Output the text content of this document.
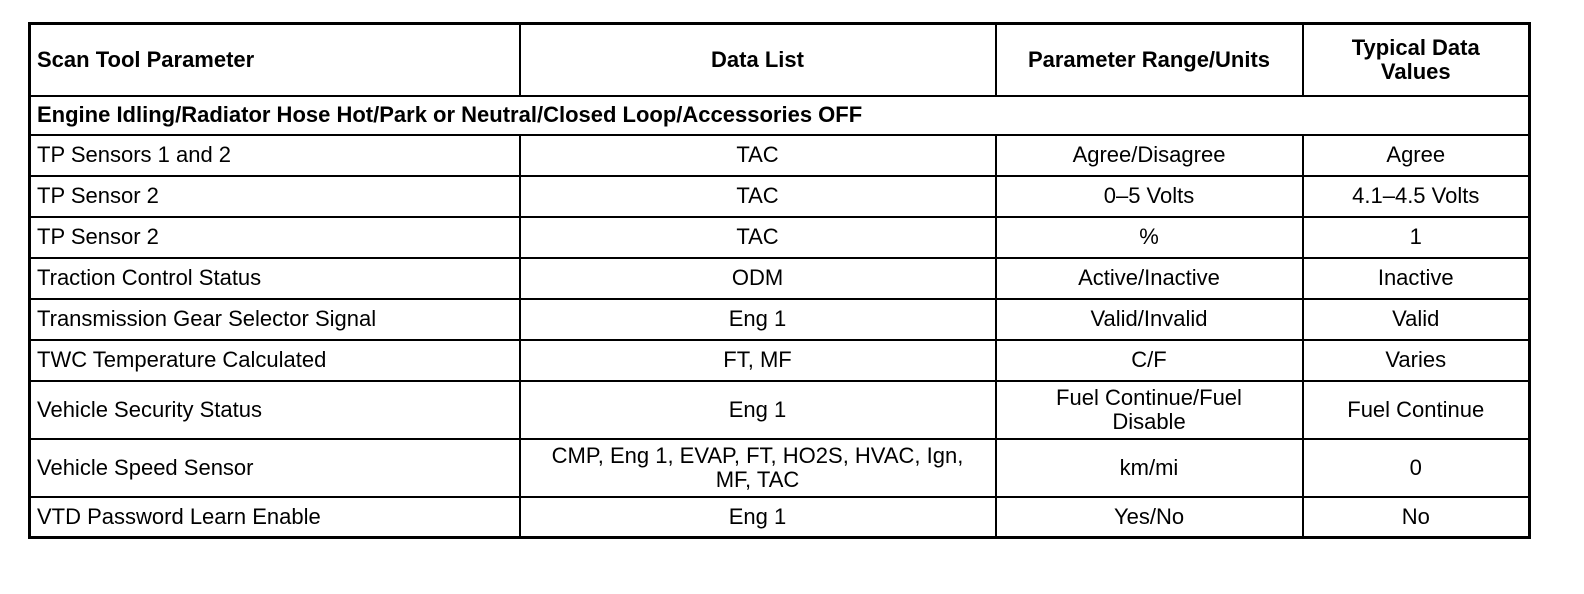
Scan Tool Parameter	Data List	Parameter Range/Units	Typical Data Values
Engine Idling/Radiator Hose Hot/Park or Neutral/Closed Loop/Accessories OFF			
TP Sensors 1 and 2	TAC	Agree/Disagree	Agree
TP Sensor 2	TAC	0–5 Volts	4.1–4.5 Volts
TP Sensor 2	TAC	%	1
Traction Control Status	ODM	Active/Inactive	Inactive
Transmission Gear Selector Signal	Eng 1	Valid/Invalid	Valid
TWC Temperature Calculated	FT, MF	C/F	Varies
Vehicle Security Status	Eng 1	Fuel Continue/Fuel Disable	Fuel Continue
Vehicle Speed Sensor	CMP, Eng 1, EVAP, FT, HO2S, HVAC, Ign, MF, TAC	km/mi	0
VTD Password Learn Enable	Eng 1	Yes/No	No
